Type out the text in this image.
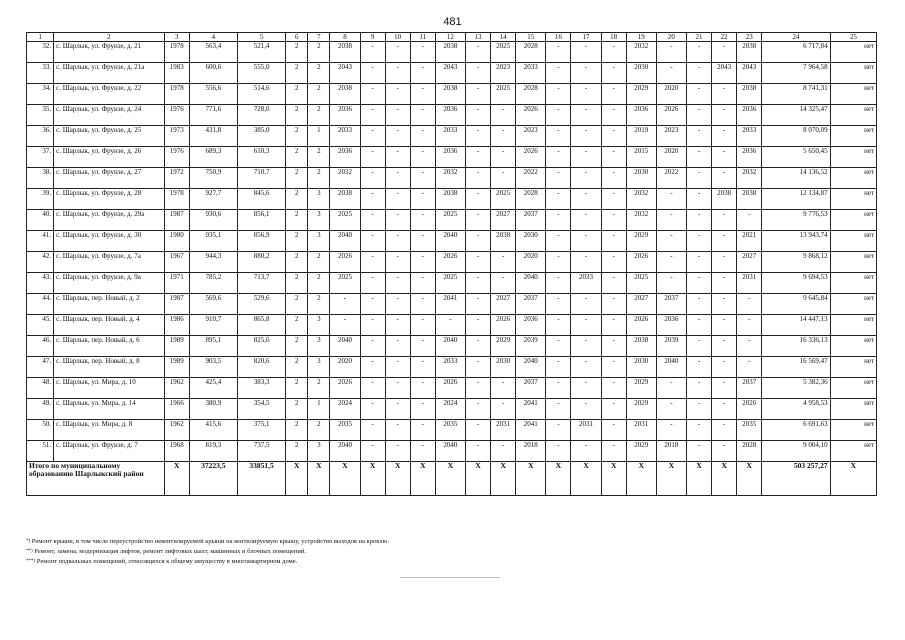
481
1	2	3	4	5	6	7	8	9	10	11	12	13	14	15	16	17	18	19	20	21	22	23	24	25
32.	с. Шарлык, ул. Фрунзе, д. 21	1978	563,4	521,4	2	2	2038	-	-	-	2038	-	2025	2028	-	-	-	2032	-	-	-	2038	6 717,84	нет
33.	с. Шарлык, ул. Фрунзе, д. 21а	1983	600,6	555,0	2	2	2043	-	-	-	2043	-	2023	2033	-	-	-	2030	-	-	2043	2043	7 964,58	нет
34.	с. Шарлык, ул. Фрунзе, д. 22	1978	556,6	514,6	2	2	2038	-	-	-	2038	-	2025	2028	-	-	-	2029	2020	-	-	2038	8 741,31	нет
35.	с. Шарлык, ул. Фрунзе, д. 24	1976	771,6	728,0	2	2	2036	-	-	-	2036	-	-	2026	-	-	-	2036	2026	-	-	2036	14 325,47	нет
36.	с. Шарлык, ул. Фрунзе, д. 25	1973	431,8	385,0	2	1	2033	-	-	-	2033	-	-	2023	-	-	-	2019	2023	-	-	2033	8 070,09	нет
37.	с. Шарлык, ул. Фрунзе, д. 26	1976	689,3	610,3	2	2	2036	-	-	-	2036	-	-	2026	-	-	-	2015	2020	-	-	2036	5 650,45	нет
38.	с. Шарлык, ул. Фрунзе, д. 27	1972	750,9	710,7	2	2	2032	-	-	-	2032	-	-	2022	-	-	-	2030	2022	-	-	2032	14 136,52	нет
39.	с. Шарлык, ул. Фрунзе, д. 28	1978	927,7	845,6	2	3	2038	-	-	-	2038	-	2025	2028	-	-	-	2032	-	-	2038	2038	12 134,87	нет
40.	с. Шарлык, ул. Фрунзе, д. 29а	1987	930,6	856,1	2	3	2025	-	-	-	2025	-	2027	2037	-	-	-	2032	-	-	-	-	9 776,53	нет
41.	с. Шарлык, ул. Фрунзе, д. 30	1980	935,1	856,9	2	3	2040	-	-	-	2040	-	2038	2030	-	-	-	2029	-	-	-	2021	13 943,74	нет
42.	с. Шарлык, ул. Фрунзе, д. 7а	1967	944,3	880,2	2	2	2026	-	-	-	2026	-	-	2020	-	-	-	2026	-	-	-	2027	9 868,12	нет
43.	с. Шарлык, ул. Фрунзе, д. 9а	1971	785,2	713,7	2	2	2025	-	-	-	2025	-	-	2040	-	2033	-	2025	-	-	-	2031	9 694,53	нет
44.	с. Шарлык, пер. Новый, д. 2	1987	569,6	529,6	2	2	-	-	-	-	2041	-	2027	2037	-	-	-	2027	2037	-	-	-	9 645,84	нет
45.	с. Шарлык, пер. Новый, д. 4	1986	910,7	865,8	2	3	-	-	-	-	-	-	2026	2036	-	-	-	2026	2036	-	-	-	14 447,13	нет
46.	с. Шарлык, пер. Новый, д. 6	1989	895,1	825,6	2	3	2040	-	-	-	2040	-	2029	2039	-	-	-	2038	2039	-	-	-	16 336,13	нет
47.	с. Шарлык, пер. Новый, д. 8	1989	903,5	820,6	2	3	2020	-	-	-	2033	-	2030	2040	-	-	-	2030	2040	-	-	-	16 569,47	нет
48.	с. Шарлык, ул. Мира, д. 10	1962	425,4	383,3	2	2	2026	-	-	-	2026	-	-	2037	-	-	-	2029	-	-	-	2037	5 382,36	нет
49.	с. Шарлык, ул. Мира, д. 14	1966	380,9	354,5	2	1	2024	-	-	-	2024	-	-	2041	-	-	-	2029	-	-	-	2026	4 958,53	нет
50.	с. Шарлык, ул. Мира, д. 8	1962	415,6	375,1	2	2	2035	-	-	-	2035	-	2031	2041	-	2031	-	2031	-	-	-	2035	6 691,63	нет
51.	с. Шарлык, ул. Фрунзе, д. 7	1968	819,3	737,5	2	3	2040	-	-	-	2040	-	-	2018	-	-	-	2029	2018	-	-	2028	9 004,10	нет
Итого по муниципальному образованию Шарлыкский район		X	37223,5	33851,5	X	X	X	X	X	X	X	X	X	X	X	X	X	X	X	X	X	X	503 257,27	X
*) Ремонт крыши, в том числе переустройство невентилируемой крыши на вентилируемую крышу, устройство выходов на кровлю.
**) Ремонт, замена, модернизация лифтов, ремонт лифтовых шахт, машинных и блочных помещений.
***) Ремонт подвальных помещений, относящихся к общему имуществу в многоквартирном доме.
